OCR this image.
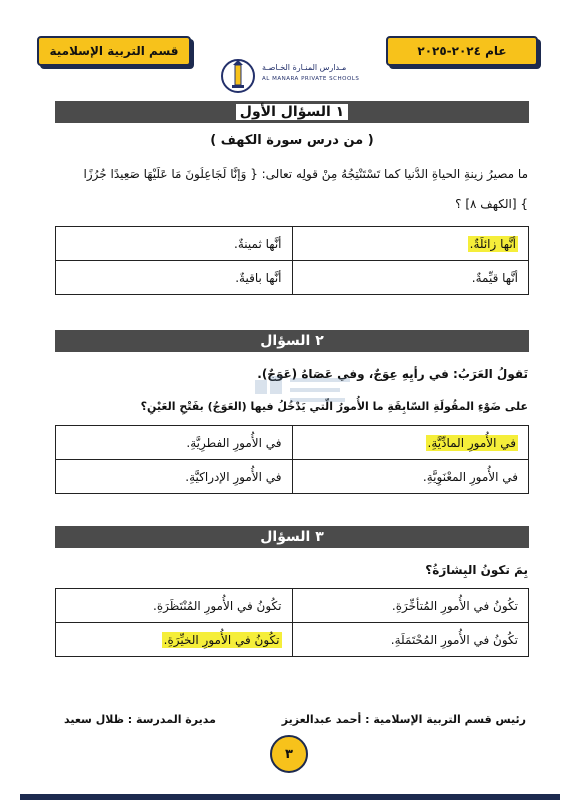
قسم التربية الإسلامية	عام ٢٠٢٤-٢٠٢٥
مـدارس المنـارة الخـاصـة
AL MANARA PRIVATE SCHOOLS
١ السؤال الأول
( من درس سورة الكهف )
ما مصيرُ زينةِ الحياةِ الدُّنيا كما تَسْتَنْتِجُهُ مِنْ قولِه تعالى: { وَإِنَّا لَجَاعِلُونَ مَا عَلَيْهَا صَعِيدًا جُرُزًا
} [الكهف ٨] ؟
أنَّها زائلَةٌ.	أنَّها ثمينةٌ.
أنَّها قيِّمةٌ.	أنَّها باقيةٌ.
٢ السؤال
تَقولُ العَرَبُ: في رأيِهِ عِوَجٌ، وفي عَصَاهُ (عَوَجٌ).
على ضَوْءِ المقُولَةِ السّابِقَةِ ما الأُمورُ الّتي يَدْخُلُ فيها (العَوَجُ) بفَتْحِ العَيْنِ؟
في الأُمورِ المادِّيَّةِ.	في الأُمورِ الفطرِيَّةِ.
في الأُمورِ المعْنَوِيَّةِ.	في الأُمورِ الإدراكيَّةِ.
٣ السؤال
بِمَ تكونُ البِشارَةُ؟
تكُونُ في الأُمورِ المُتأخِّرَةِ.	تكُونُ في الأُمورِ المُنْتَظَرَةِ.
تكُونُ في الأُمورِ المُحْتَمَلَةِ.	تكُونُ في الأُمورِ الخيِّرَةِ.
رئيس قسم التربية الإسلامية : أحمد عبدالعزيز
مديرة المدرسة : ظلال سعيد
٣
